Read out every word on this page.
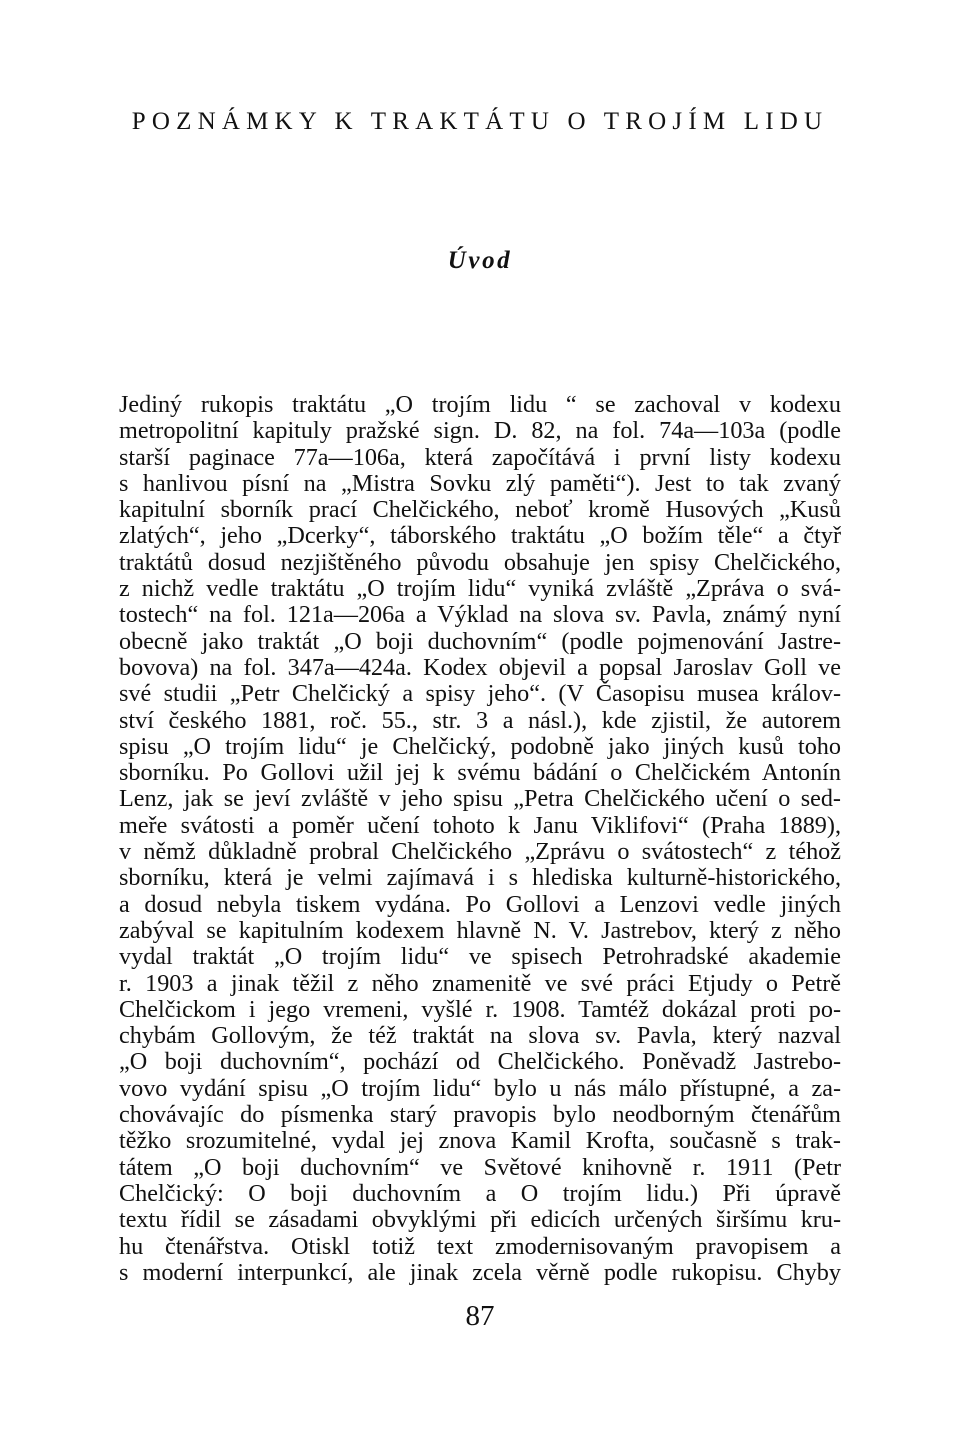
POZNÁMKY K TRAKTÁTU O TROJÍM LIDU
Úvod
Jediný rukopis traktátu „O trojím lidu “ se zachoval v kodexu
metropolitní kapituly pražské sign. D. 82, na fol. 74a—103a (podle
starší paginace 77a—106a, která započítává i první listy kodexu
s hanlivou písní na „Mistra Sovku zlý paměti“). Jest to tak zvaný
kapitulní sborník prací Chelčického, neboť kromě Husových „Kusů
zlatých“, jeho „Dcerky“, táborského traktátu „O božím těle“ a čtyř
traktátů dosud nezjištěného původu obsahuje jen spisy Chelčického,
z nichž vedle traktátu „O trojím lidu“ vyniká zvláště „Zpráva o svá-
tostech“ na fol. 121a—206a a Výklad na slova sv. Pavla, známý nyní
obecně jako traktát „O boji duchovním“ (podle pojmenování Jastre-
bovova) na fol. 347a—424a. Kodex objevil a popsal Jaroslav Goll ve
své studii „Petr Chelčický a spisy jeho“. (V Časopisu musea králov-
ství českého 1881, roč. 55., str. 3 a násl.), kde zjistil, že autorem
spisu „O trojím lidu“ je Chelčický, podobně jako jiných kusů toho
sborníku. Po Gollovi užil jej k svému bádání o Chelčickém Antonín
Lenz, jak se jeví zvláště v jeho spisu „Petra Chelčického učení o sed-
meře svátosti a poměr učení tohoto k Janu Viklifovi“ (Praha 1889),
v němž důkladně probral Chelčického „Zprávu o svátostech“ z téhož
sborníku, která je velmi zajímavá i s hlediska kulturně-historického,
a dosud nebyla tiskem vydána. Po Gollovi a Lenzovi vedle jiných
zabýval se kapitulním kodexem hlavně N. V. Jastrebov, který z něho
vydal traktát „O trojím lidu“ ve spisech Petrohradské akademie
r. 1903 a jinak těžil z něho znamenitě ve své práci Etjudy o Petrě
Chelčickom i jego vremeni, vyšlé r. 1908. Tamtéž dokázal proti po-
chybám Gollovým, že též traktát na slova sv. Pavla, který nazval
„O boji duchovním“, pochází od Chelčického. Poněvadž Jastrebo-
vovo vydání spisu „O trojím lidu“ bylo u nás málo přístupné, a za-
chovávajíc do písmenka starý pravopis bylo neodborným čtenářům
těžko srozumitelné, vydal jej znova Kamil Krofta, současně s trak-
tátem „O boji duchovním“ ve Světové knihovně r. 1911 (Petr
Chelčický: O boji duchovním a O trojím lidu.) Při úpravě
textu řídil se zásadami obvyklými při edicích určených širšímu kru-
hu čtenářstva. Otiskl totiž text zmodernisovaným pravopisem a
s moderní interpunkcí, ale jinak zcela věrně podle rukopisu. Chyby
87
